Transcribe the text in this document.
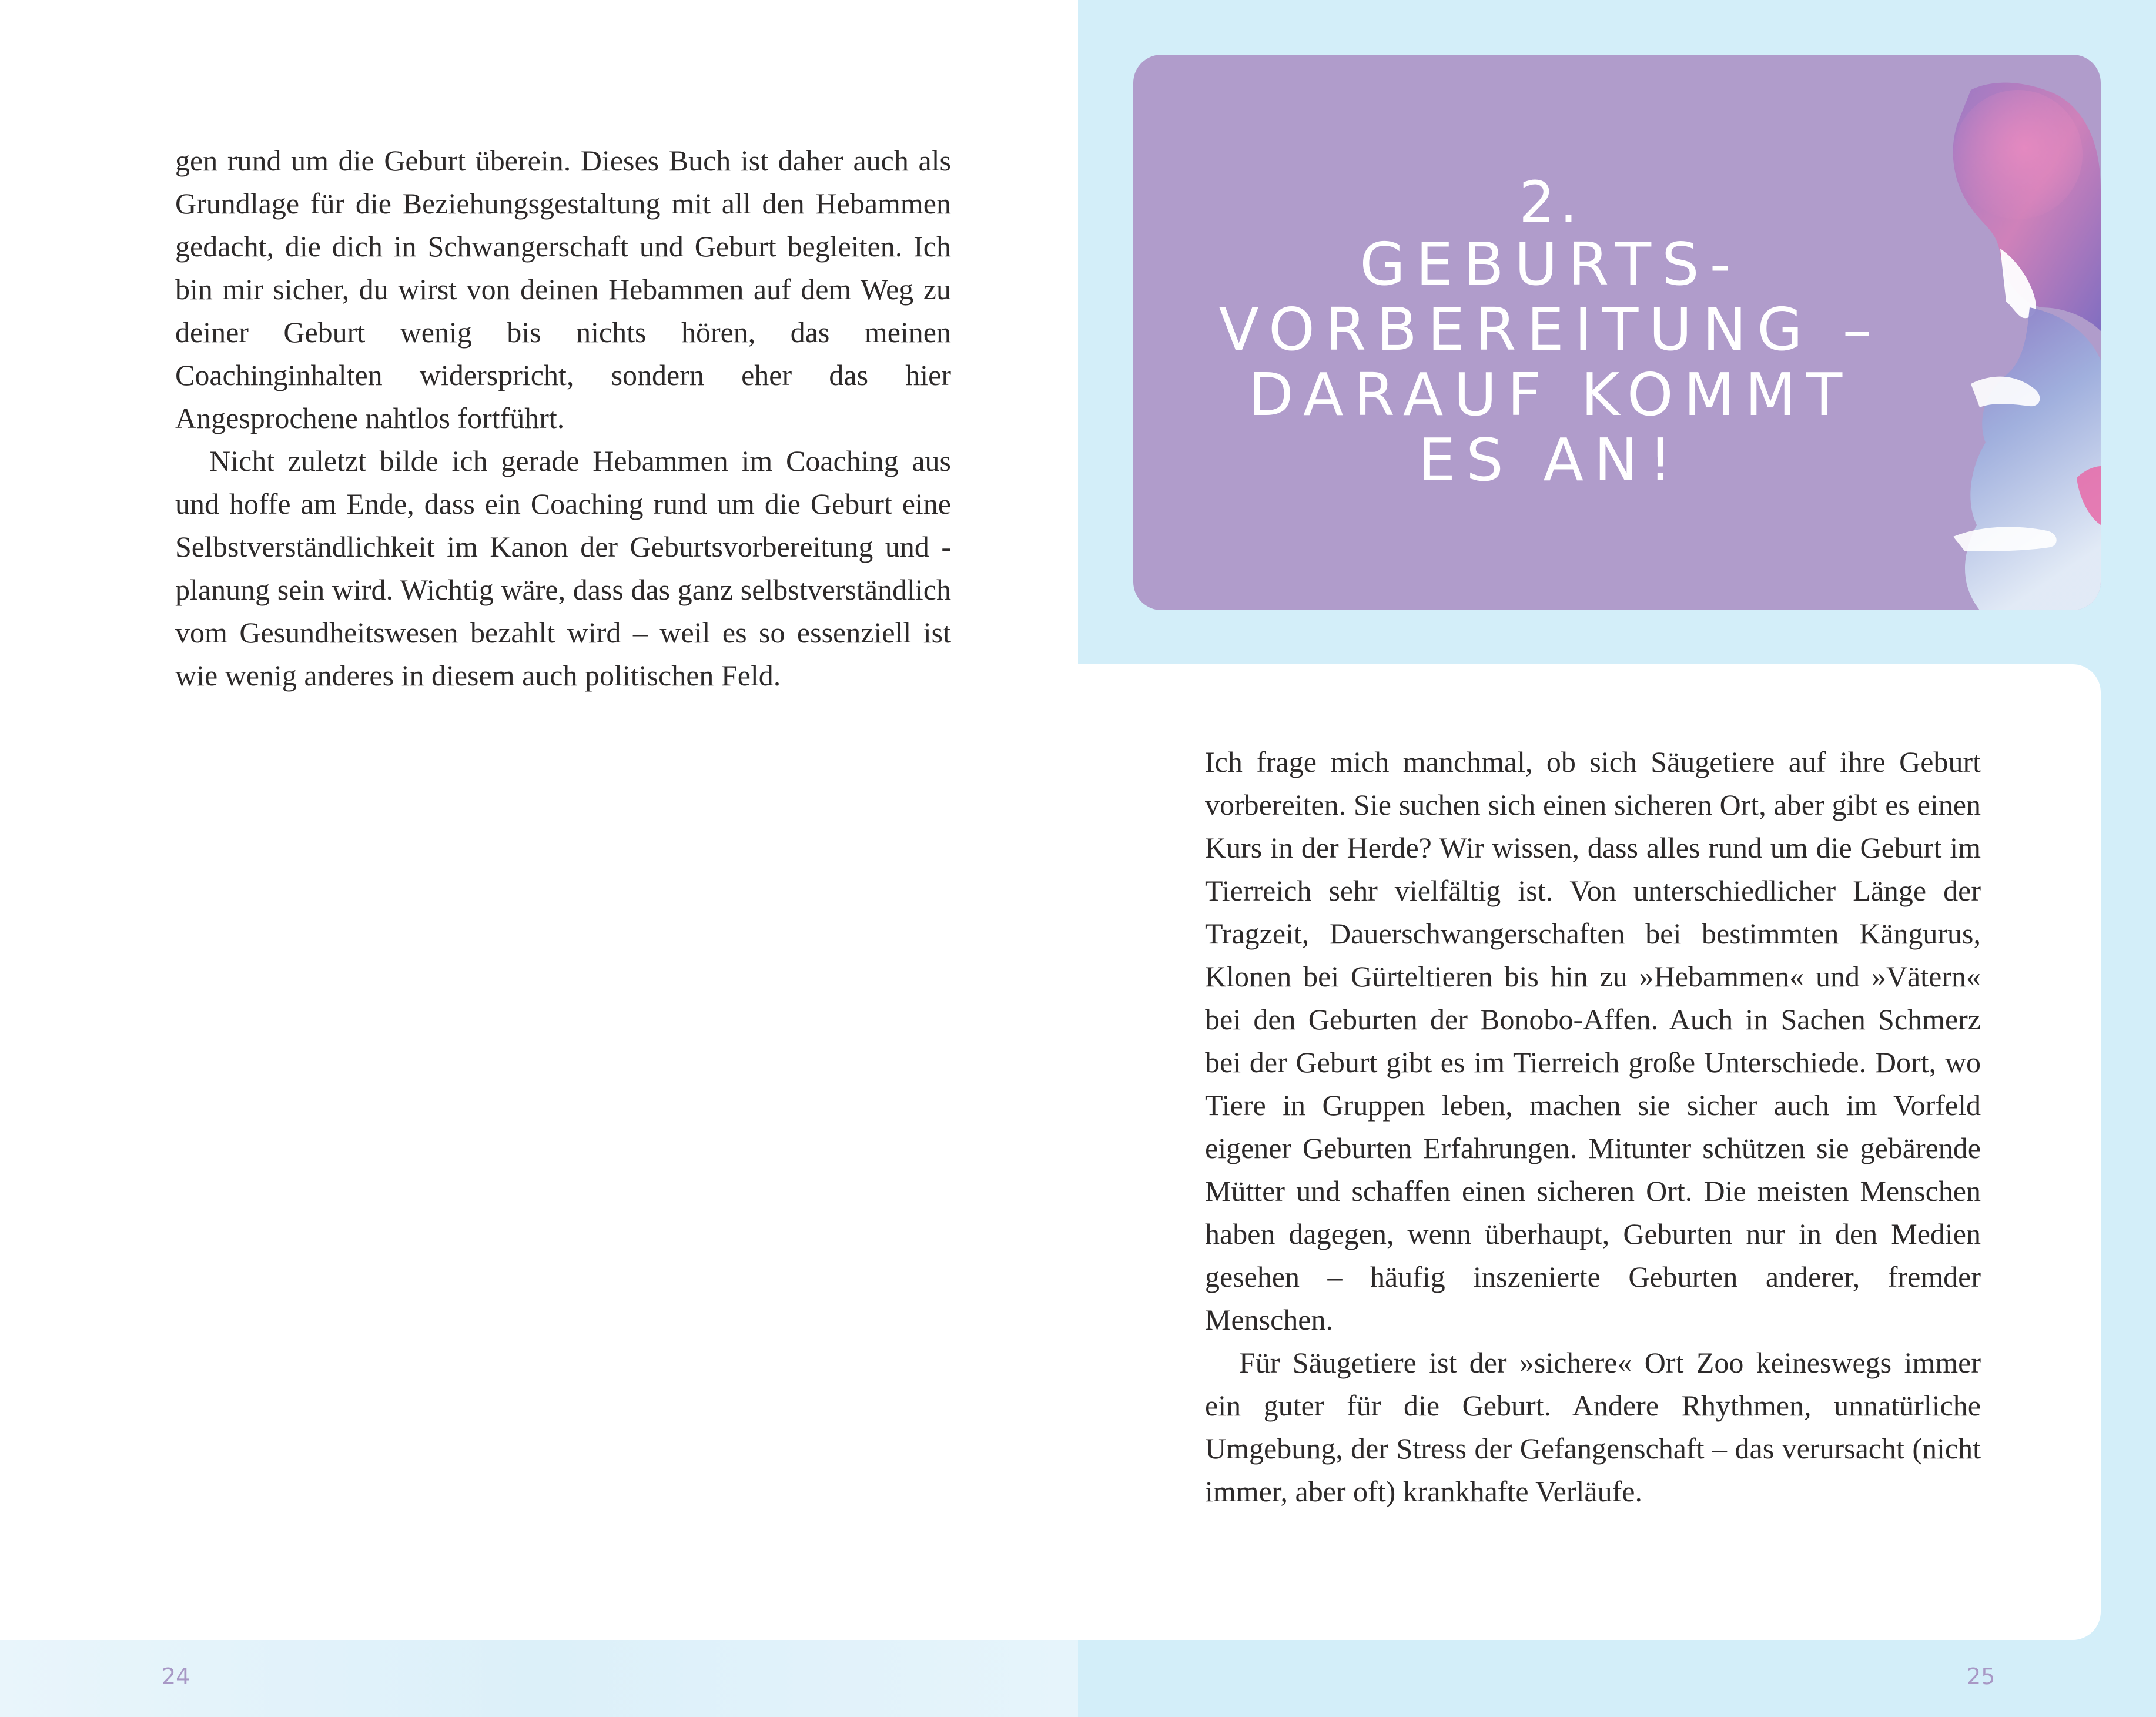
gen rund um die Geburt überein. Dieses Buch ist daher auch als Grundlage für die Beziehungsgestaltung mit all den Hebammen gedacht, die dich in Schwangerschaft und Geburt begleiten. Ich bin mir sicher, du wirst von deinen Hebammen auf dem Weg zu deiner Geburt wenig bis nichts hören, das meinen Coachinginhalten widerspricht, sondern eher das hier Angesprochene nahtlos fortführt.

Nicht zuletzt bilde ich gerade Hebammen im Coaching aus und hoffe am Ende, dass ein Coaching rund um die Geburt eine Selbstverständlichkeit im Kanon der Geburtsvorbereitung und -planung sein wird. Wichtig wäre, dass das ganz selbstverständlich vom Gesundheitswesen bezahlt wird – weil es so essenziell ist wie wenig anderes in diesem auch politischen Feld.

2.
GEBURTS-
VORBEREITUNG –
DARAUF KOMMT
ES AN!

Ich frage mich manchmal, ob sich Säugetiere auf ihre Geburt vorbereiten. Sie suchen sich einen sicheren Ort, aber gibt es einen Kurs in der Herde? Wir wissen, dass alles rund um die Geburt im Tierreich sehr vielfältig ist. Von unterschiedlicher Länge der Tragzeit, Dauerschwangerschaften bei bestimmten Kängurus, Klonen bei Gürteltieren bis hin zu »Hebammen« und »Vätern« bei den Geburten der Bonobo-Affen. Auch in Sachen Schmerz bei der Geburt gibt es im Tierreich große Unterschiede. Dort, wo Tiere in Gruppen leben, machen sie sicher auch im Vorfeld eigener Geburten Erfahrungen. Mitunter schützen sie gebärende Mütter und schaffen einen sicheren Ort. Die meisten Menschen haben dagegen, wenn überhaupt, Geburten nur in den Medien gesehen – häufig inszenierte Geburten anderer, fremder Menschen.

Für Säugetiere ist der »sichere« Ort Zoo keineswegs immer ein guter für die Geburt. Andere Rhythmen, unnatürliche Umgebung, der Stress der Gefangenschaft – das verursacht (nicht immer, aber oft) krankhafte Verläufe.

24	25
